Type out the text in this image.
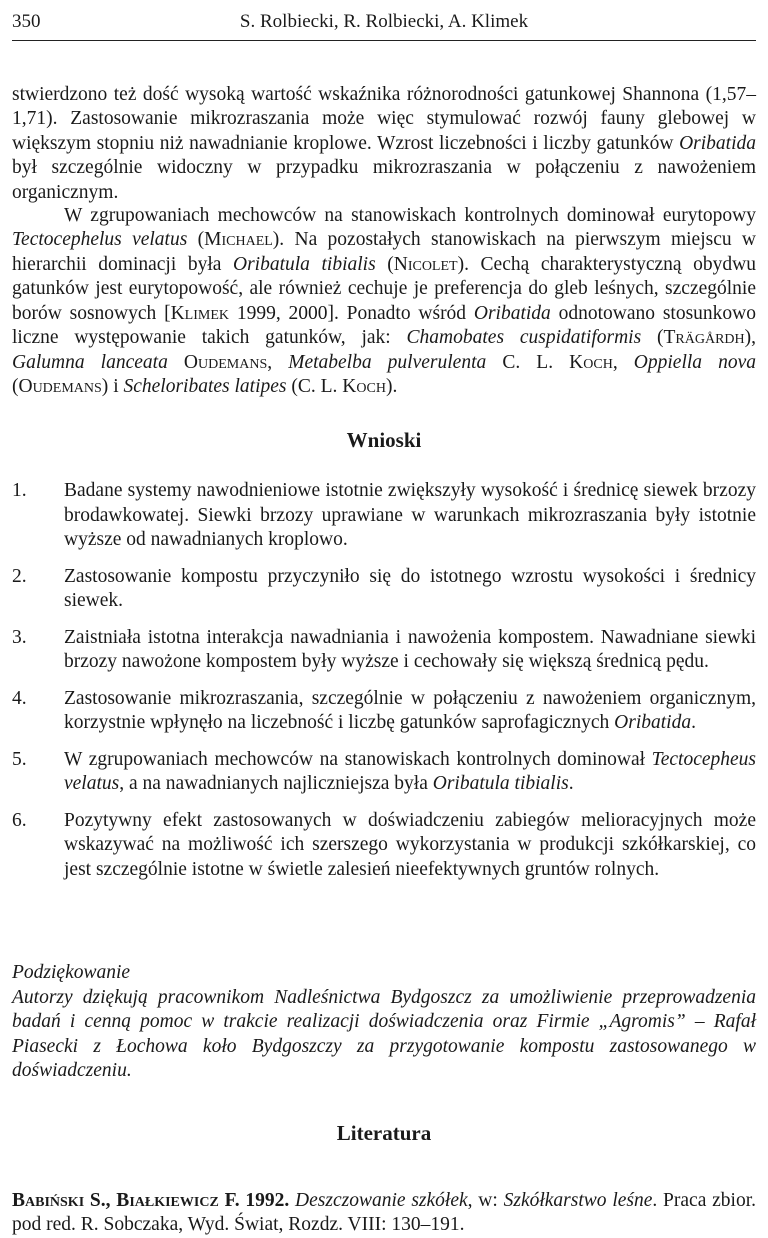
350	S. Rolbiecki, R. Rolbiecki, A. Klimek

stwierdzono też dość wysoką wartość wskaźnika różnorodności gatunkowej Shannona (1,57–1,71). Zastosowanie mikrozraszania może więc stymulować rozwój fauny glebowej w większym stopniu niż nawadnianie kroplowe. Wzrost liczebności i liczby gatunków Oribatida był szczególnie widoczny w przypadku mikrozraszania w połączeniu z nawożeniem organicznym.

W zgrupowaniach mechowców na stanowiskach kontrolnych dominował eurytopowy Tectocephelus velatus (Michael). Na pozostałych stanowiskach na pierwszym miejscu w hierarchii dominacji była Oribatula tibialis (Nicolet). Cechą charakterystyczną obydwu gatunków jest eurytopowość, ale również cechuje je preferencja do gleb leśnych, szczególnie borów sosnowych [Klimek 1999, 2000]. Ponadto wśród Oribatida odnotowano stosunkowo liczne występowanie takich gatunków, jak: Chamobates cuspidatiformis (Trägårdh), Galumna lanceata Oudemans, Metabelba pulverulenta C. L. Koch, Oppiella nova (Oudemans) i Scheloribates latipes (C. L. Koch).

Wnioski
1. Badane systemy nawodnieniowe istotnie zwiększyły wysokość i średnicę siewek brzozy brodawkowatej. Siewki brzozy uprawiane w warunkach mikrozraszania były istotnie wyższe od nawadnianych kroplowo.
2. Zastosowanie kompostu przyczyniło się do istotnego wzrostu wysokości i średnicy siewek.
3. Zaistniała istotna interakcja nawadniania i nawożenia kompostem. Nawadniane siewki brzozy nawożone kompostem były wyższe i cechowały się większą średnicą pędu.
4. Zastosowanie mikrozraszania, szczególnie w połączeniu z nawożeniem organicznym, korzystnie wpłynęło na liczebność i liczbę gatunków saprofagicznych Oribatida.
5. W zgrupowaniach mechowców na stanowiskach kontrolnych dominował Tectocepheus velatus, a na nawadnianych najliczniejsza była Oribatula tibialis.
6. Pozytywny efekt zastosowanych w doświadczeniu zabiegów melioracyjnych może wskazywać na możliwość ich szerszego wykorzystania w produkcji szkółkarskiej, co jest szczególnie istotne w świetle zalesień nieefektywnych gruntów rolnych.
Podziękowanie
Autorzy dziękują pracownikom Nadleśnictwa Bydgoszcz za umożliwienie przeprowadzenia badań i cenną pomoc w trakcie realizacji doświadczenia oraz Firmie „Agromis” – Rafał Piasecki z Łochowa koło Bydgoszczy za przygotowanie kompostu zastosowanego w doświadczeniu.
Literatura

Babiński S., Białkiewicz F. 1992. Deszczowanie szkółek, w: Szkółkarstwo leśne. Praca zbior. pod red. R. Sobczaka, Wyd. Świat, Rozdz. VIII: 130–191.
